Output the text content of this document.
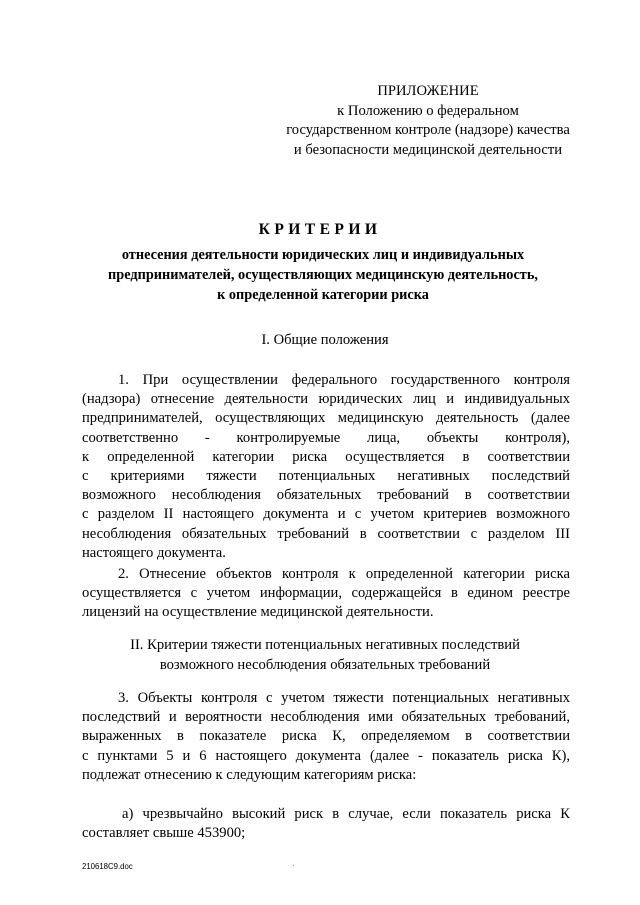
ПРИЛОЖЕНИЕ
к Положению о федеральном
государственном контроле (надзоре) качества
и безопасности медицинской деятельности
КРИТЕРИИ
отнесения деятельности юридических лиц и индивидуальных
предпринимателей, осуществляющих медицинскую деятельность,
к определенной категории риска
I. Общие положения
1. При осуществлении федерального государственного контроля
(надзора) отнесение деятельности юридических лиц и индивидуальных
предпринимателей, осуществляющих медицинскую деятельность (далее
соответственно - контролируемые лица, объекты контроля),
к определенной категории риска осуществляется в соответствии
с критериями тяжести потенциальных негативных последствий
возможного несоблюдения обязательных требований в соответствии
с разделом II настоящего документа и с учетом критериев возможного
несоблюдения обязательных требований в соответствии с разделом III
настоящего документа.
2. Отнесение объектов контроля к определенной категории риска
осуществляется с учетом информации, содержащейся в едином реестре
лицензий на осуществление медицинской деятельности.
II. Критерии тяжести потенциальных негативных последствий
возможного несоблюдения обязательных требований
3. Объекты контроля с учетом тяжести потенциальных негативных
последствий и вероятности несоблюдения ими обязательных требований,
выраженных в показателе риска К, определяемом в соответствии
с пунктами 5 и 6 настоящего документа (далее - показатель риска К),
подлежат отнесению к следующим категориям риска:
а) чрезвычайно высокий риск в случае, если показатель риска К
составляет свыше 453900;
210618C9.doc
